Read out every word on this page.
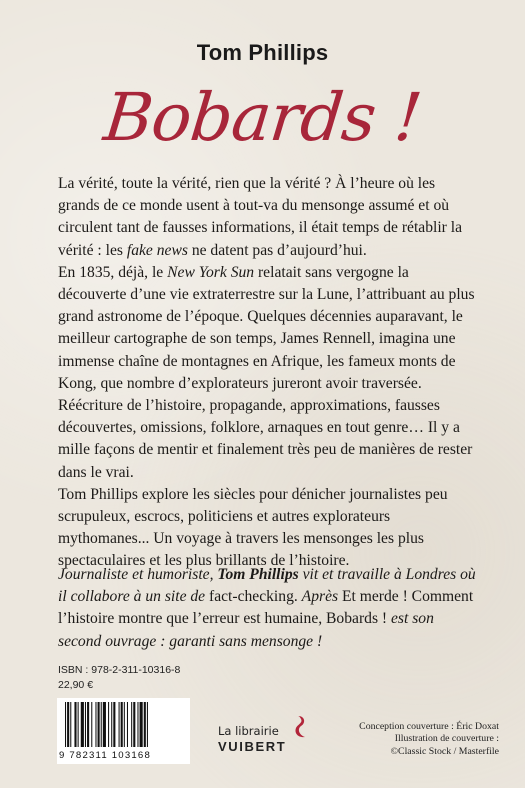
Tom Phillips
Bobards !

La vérité, toute la vérité, rien que la vérité ? À l’heure où les grands de ce monde usent à tout-va du mensonge assumé et où circulent tant de fausses informations, il était temps de rétablir la vérité : les fake news ne datent pas d’aujourd’hui.

En 1835, déjà, le New York Sun relatait sans vergogne la découverte d’une vie extraterrestre sur la Lune, l’attribuant au plus grand astronome de l’époque. Quelques décennies auparavant, le meilleur cartographe de son temps, James Rennell, imagina une immense chaîne de montagnes en Afrique, les fameux monts de Kong, que nombre d’explorateurs jureront avoir traversée.

Réécriture de l’histoire, propagande, approximations, fausses découvertes, omissions, folklore, arnaques en tout genre… Il y a mille façons de mentir et finalement très peu de manières de rester dans le vrai.

Tom Phillips explore les siècles pour dénicher journalistes peu scrupuleux, escrocs, politiciens et autres explorateurs mythomanes... Un voyage à travers les mensonges les plus spectaculaires et les plus brillants de l’histoire.

Journaliste et humoriste, Tom Phillips vit et travaille à Londres où il collabore à un site de fact-checking. Après Et merde ! Comment l’histoire montre que l’erreur est humaine, Bobards ! est son second ouvrage : garanti sans mensonge !
ISBN : 978-2-311-10316-8
22,90 €
9 782311 103168
La librairie
VUIBERT
Conception couverture : Éric Doxat
Illustration de couverture :
©Classic Stock / Masterfile
